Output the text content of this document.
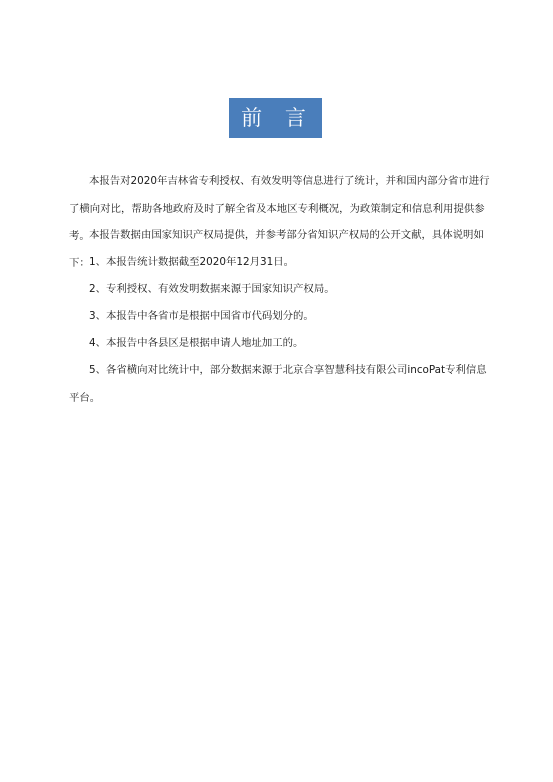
前 言

本报告对2020年吉林省专利授权、有效发明等信息进行了统计，并和国内部分省市进行了横向对比，帮助各地政府及时了解全省及本地区专利概况，为政策制定和信息利用提供参考。 本报告数据由国家知识产权局提供，并参考部分省知识产权局的公开文献，具体说明如下： 1、本报告统计数据截至2020年12月31日。

2、专利授权、有效发明数据来源于国家知识产权局。

3、本报告中各省市是根据中国省市代码划分的。

4、本报告中各县区是根据申请人地址加工的。

5、各省横向对比统计中，部分数据来源于北京合享智慧科技有限公司incoPat专利信息平台。
